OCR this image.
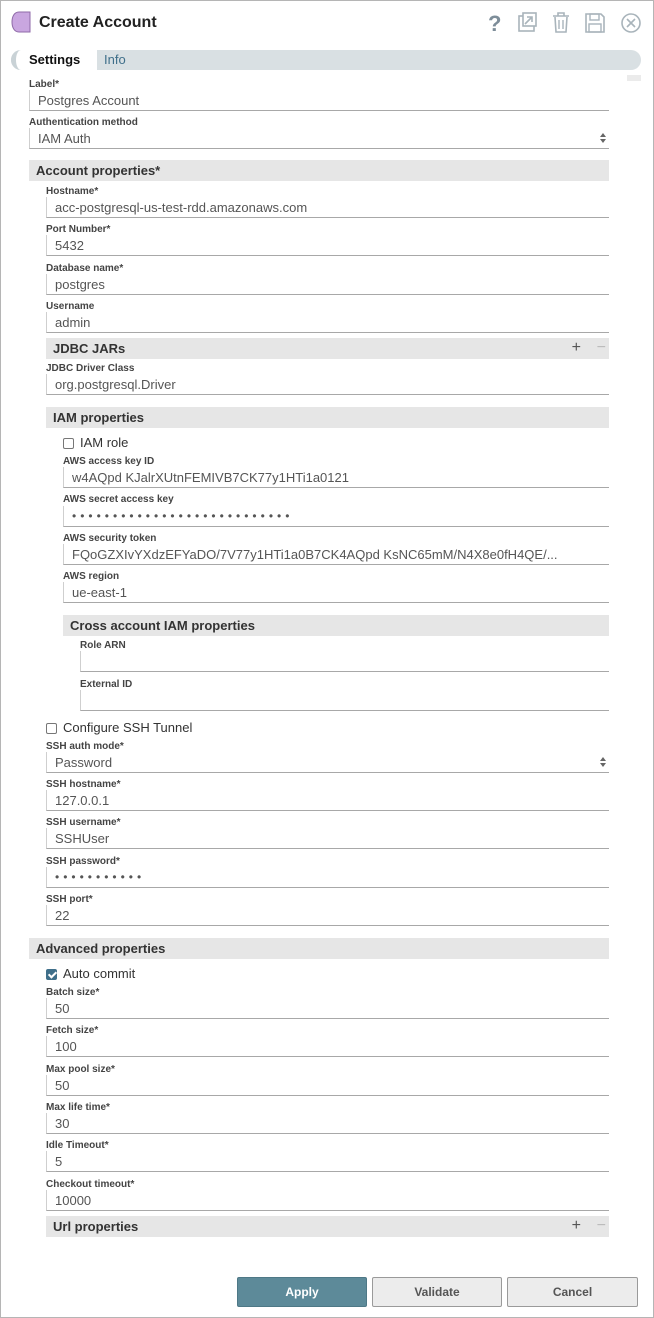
Create Account	?
Settings	Info
Label*
Postgres Account
Authentication method
IAM Auth
Account properties*
Hostname*
acc-postgresql-us-test-rdd.amazonaws.com
Port Number*
5432
Database name*
postgres
Username
admin
JDBC JARs	+ −
JDBC Driver Class
org.postgresql.Driver
IAM properties
IAM role
AWS access key ID
w4AQpd KJalrXUtnFEMIVB7CK77y1HTi1a0121
AWS secret access key
•••••••••••••••••••••••••••
AWS security token
FQoGZXIvYXdzEFYaDO/7V77y1HTi1a0B7CK4AQpd KsNC65mM/N4X8e0fH4QE/...
AWS region
ue-east-1
Cross account IAM properties
Role ARN
External ID
Configure SSH Tunnel
SSH auth mode*
Password
SSH hostname*
127.0.0.1
SSH username*
SSHUser
SSH password*
•••••••••••
SSH port*
22
Advanced properties
Auto commit
Batch size*
50
Fetch size*
100
Max pool size*
50
Max life time*
30
Idle Timeout*
5
Checkout timeout*
10000
Url properties	+ −
Apply	Validate	Cancel
